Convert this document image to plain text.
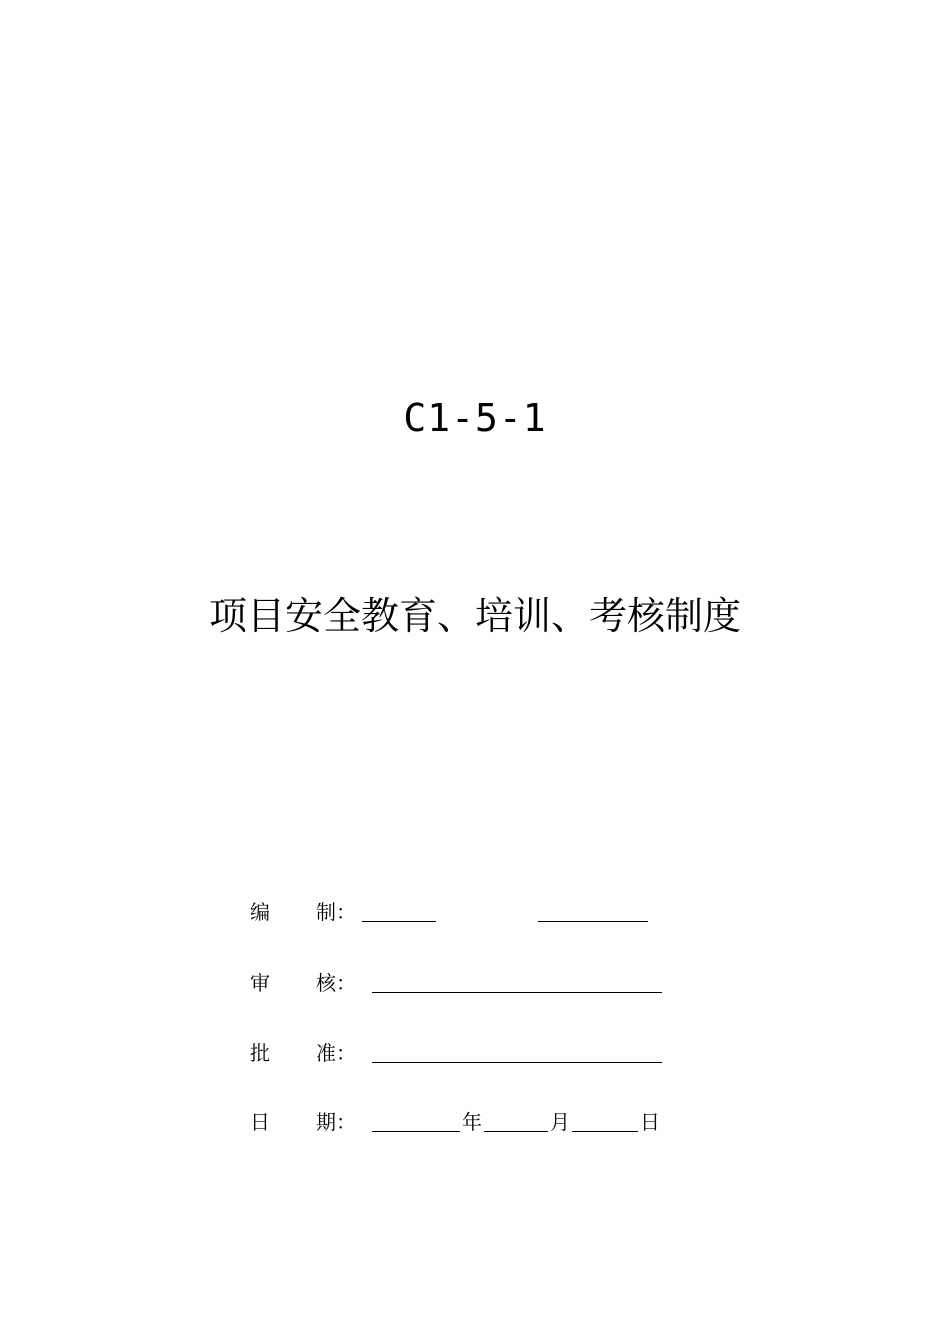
C1-5-1
项目安全教育、培训、考核制度
编 制：
审 核：
批 准：
日 期：	年	月	日
